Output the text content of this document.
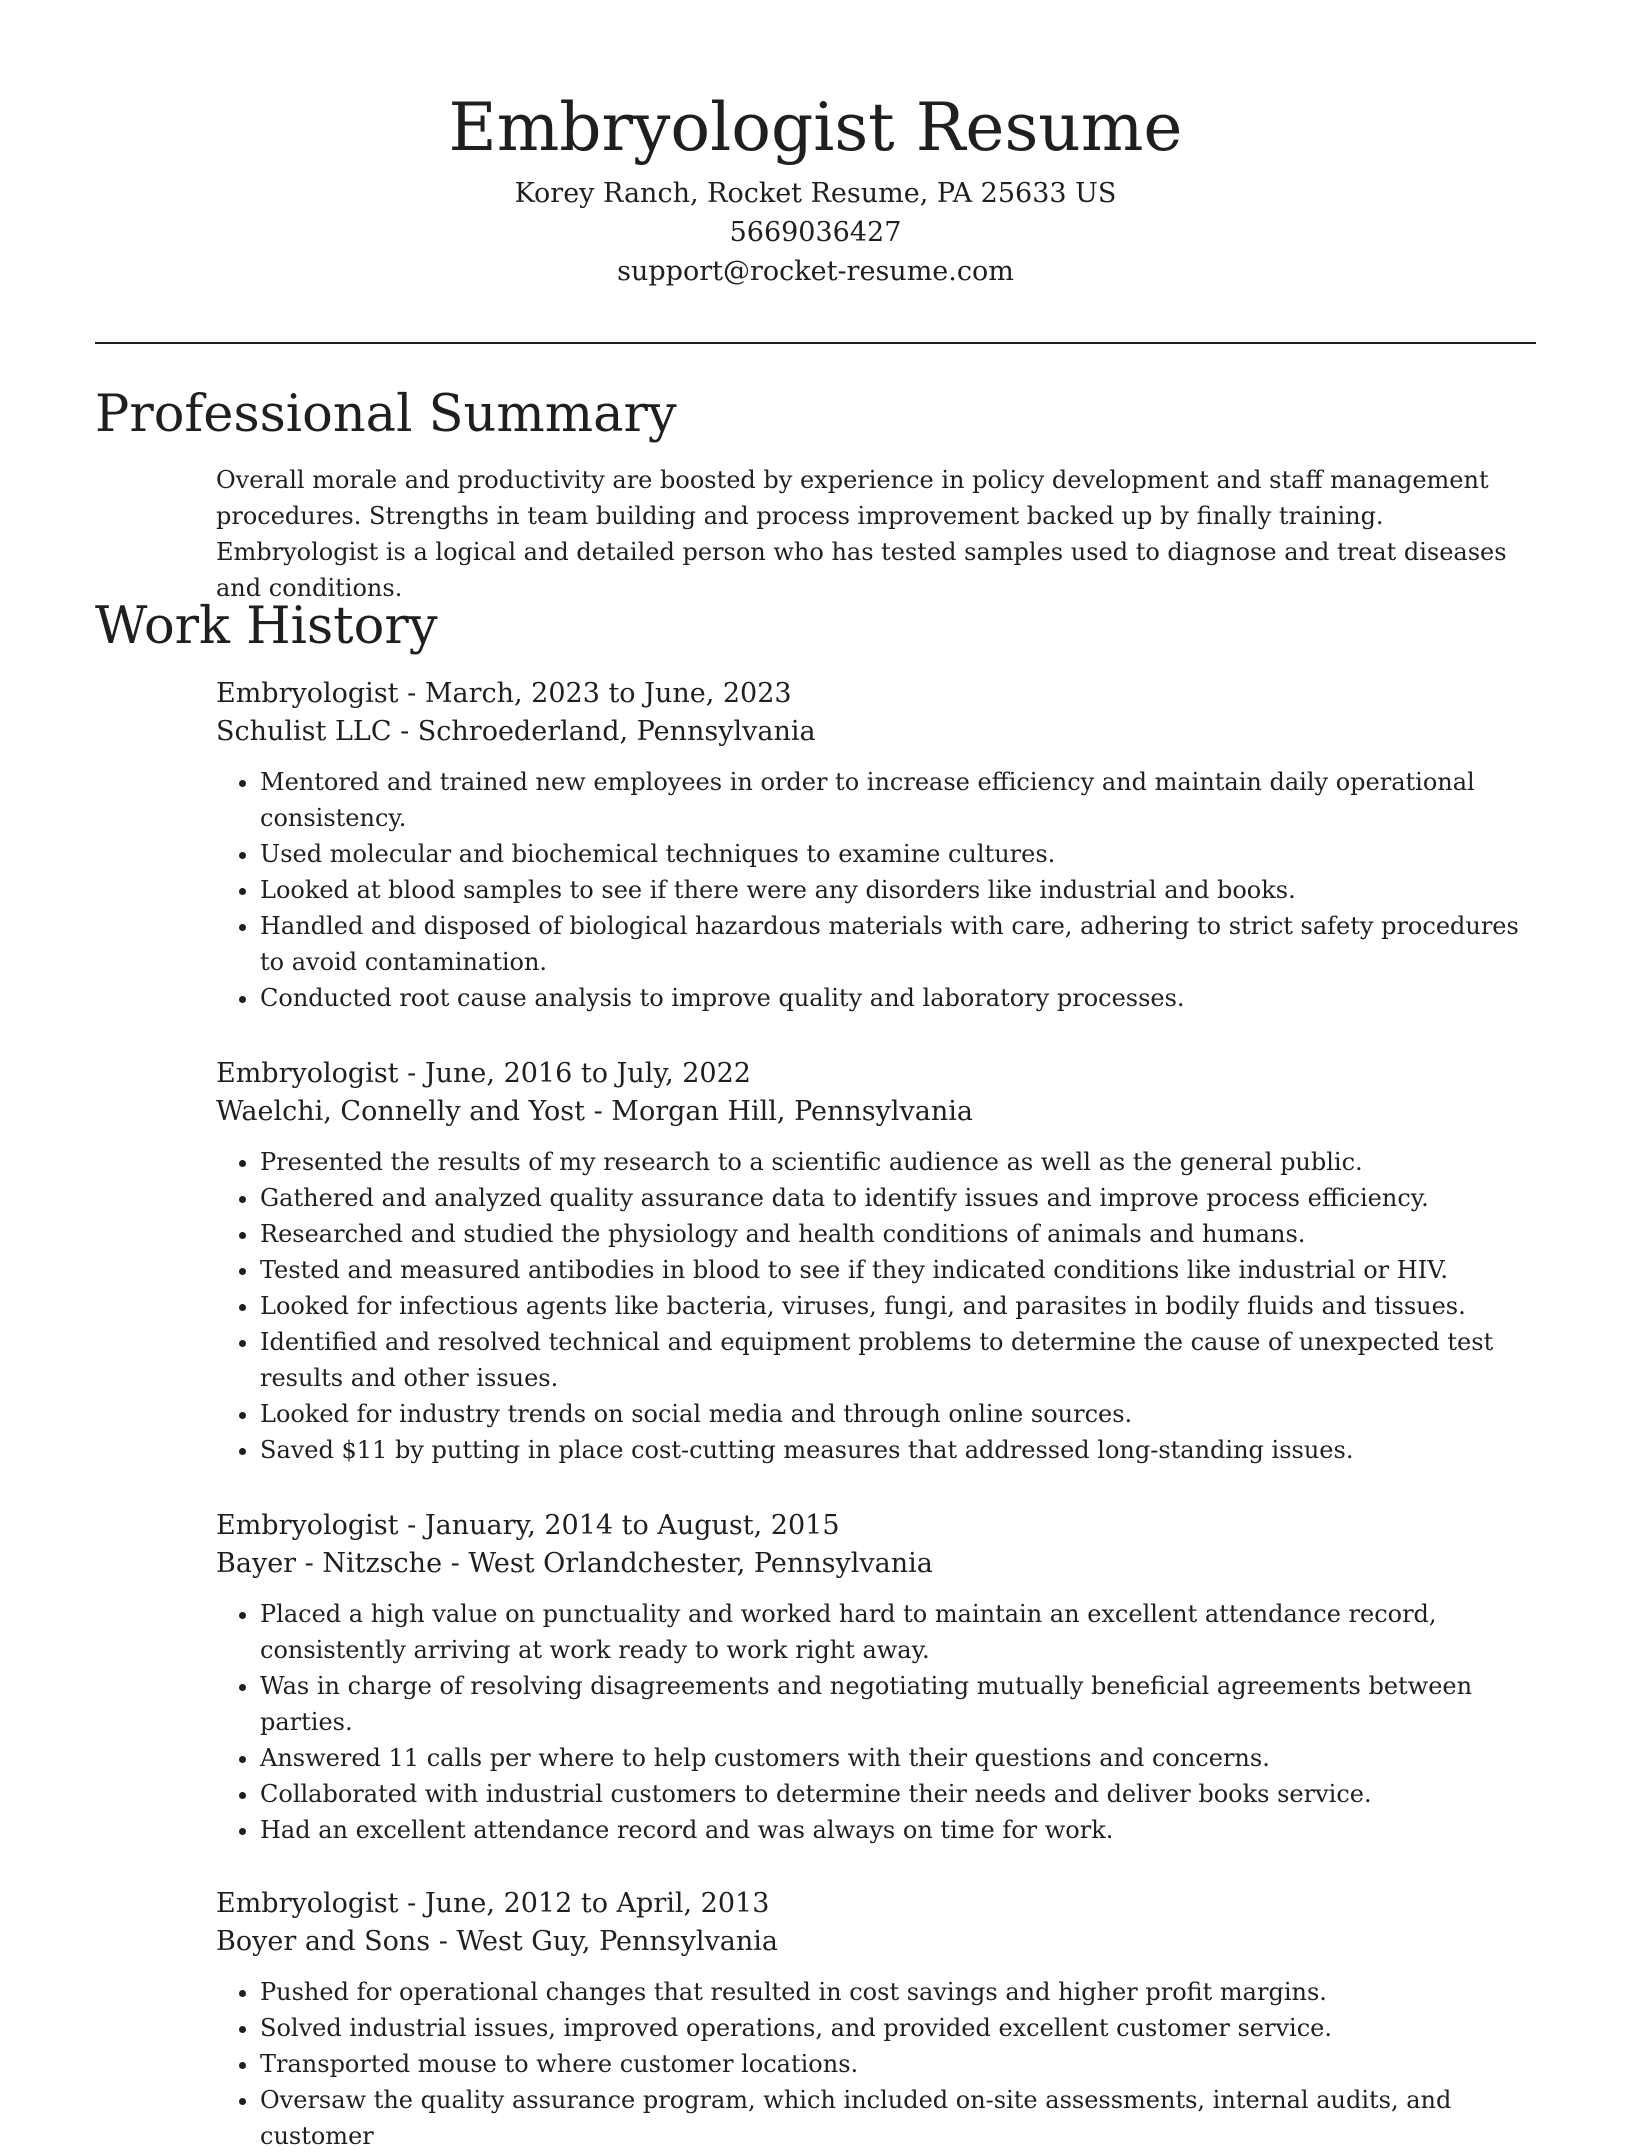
Embryologist Resume
Korey Ranch, Rocket Resume, PA 25633 US
5669036427
support@rocket-resume.com
Professional Summary

Overall morale and productivity are boosted by experience in policy development and staff management procedures. Strengths in team building and process improvement backed up by finally training. Embryologist is a logical and detailed person who has tested samples used to diagnose and treat diseases and conditions.

Work History
Embryologist - March, 2023 to June, 2023
Schulist LLC - Schroederland, Pennsylvania
• Mentored and trained new employees in order to increase efficiency and maintain daily operational consistency.
• Used molecular and biochemical techniques to examine cultures.
• Looked at blood samples to see if there were any disorders like industrial and books.
• Handled and disposed of biological hazardous materials with care, adhering to strict safety procedures to avoid contamination.
• Conducted root cause analysis to improve quality and laboratory processes.
Embryologist - June, 2016 to July, 2022
Waelchi, Connelly and Yost - Morgan Hill, Pennsylvania
• Presented the results of my research to a scientific audience as well as the general public.
• Gathered and analyzed quality assurance data to identify issues and improve process efficiency.
• Researched and studied the physiology and health conditions of animals and humans.
• Tested and measured antibodies in blood to see if they indicated conditions like industrial or HIV.
• Looked for infectious agents like bacteria, viruses, fungi, and parasites in bodily fluids and tissues.
• Identified and resolved technical and equipment problems to determine the cause of unexpected test results and other issues.
• Looked for industry trends on social media and through online sources.
• Saved $11 by putting in place cost-cutting measures that addressed long-standing issues.
Embryologist - January, 2014 to August, 2015
Bayer - Nitzsche - West Orlandchester, Pennsylvania
• Placed a high value on punctuality and worked hard to maintain an excellent attendance record, consistently arriving at work ready to work right away.
• Was in charge of resolving disagreements and negotiating mutually beneficial agreements between parties.
• Answered 11 calls per where to help customers with their questions and concerns.
• Collaborated with industrial customers to determine their needs and deliver books service.
• Had an excellent attendance record and was always on time for work.
Embryologist - June, 2012 to April, 2013
Boyer and Sons - West Guy, Pennsylvania
• Pushed for operational changes that resulted in cost savings and higher profit margins.
• Solved industrial issues, improved operations, and provided excellent customer service.
• Transported mouse to where customer locations.
• Oversaw the quality assurance program, which included on-site assessments, internal audits, and customer
